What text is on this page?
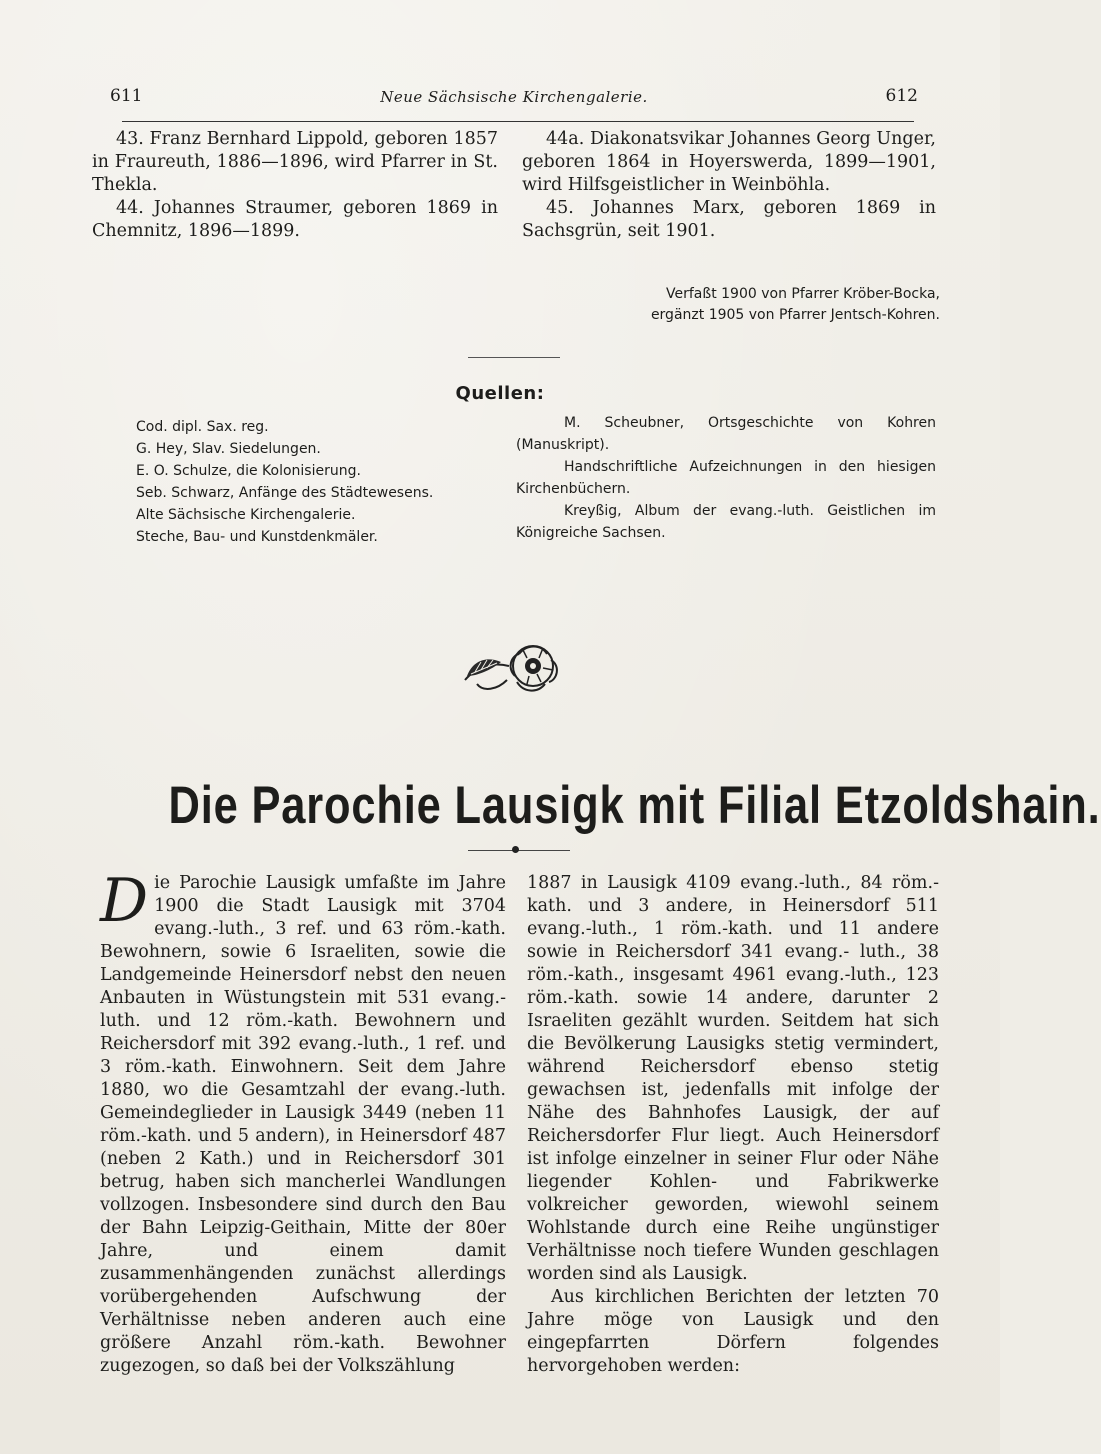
611	Neue Sächsische Kirchengalerie.	612

43. Franz Bernhard Lippold, geboren 1857 in Fraureuth, 1886—1896, wird Pfarrer in St. Thekla.

44. Johannes Straumer, geboren 1869 in Chemnitz, 1896—1899.

44a. Diakonatsvikar Johannes Georg Unger, geboren 1864 in Hoyerswerda, 1899—1901, wird Hilfsgeistlicher in Weinböhla.

45. Johannes Marx, geboren 1869 in Sachsgrün, seit 1901.

Verfaßt 1900 von Pfarrer Kröber-Bocka,
ergänzt 1905 von Pfarrer Jentsch-Kohren.
Quellen:
Cod. dipl. Sax. reg.
G. Hey, Slav. Siedelungen.
E. O. Schulze, die Kolonisierung.
Seb. Schwarz, Anfänge des Städtewesens.
Alte Sächsische Kirchengalerie.
Steche, Bau- und Kunstdenkmäler.

M. Scheubner, Ortsgeschichte von Kohren (Manuskript).

Handschriftliche Aufzeichnungen in den hiesigen Kirchenbüchern.

Kreyßig, Album der evang.-luth. Geistlichen im Königreiche Sachsen.

Die Parochie Lausigk mit Filial Etzoldshain.

Die Parochie Lausigk umfaßte im Jahre 1900 die Stadt Lausigk mit 3704 evang.-luth., 3 ref. und 63 röm.-kath. Bewohnern, sowie 6 Israeliten, sowie die Landgemeinde Heinersdorf nebst den neuen Anbauten in Wüstungstein mit 531 evang.-luth. und 12 röm.-kath. Bewohnern und Reichersdorf mit 392 evang.-luth., 1 ref. und 3 röm.-kath. Einwohnern. Seit dem Jahre 1880, wo die Gesamtzahl der evang.-luth. Gemeindeglieder in Lausigk 3449 (neben 11 röm.-kath. und 5 andern), in Heinersdorf 487 (neben 2 Kath.) und in Reichersdorf 301 betrug, haben sich mancherlei Wandlungen vollzogen. Insbesondere sind durch den Bau der Bahn Leipzig-Geithain, Mitte der 80er Jahre, und einem damit zusammenhängenden zunächst allerdings vorübergehenden Aufschwung der Verhältnisse neben anderen auch eine größere Anzahl röm.-kath. Bewohner zugezogen, so daß bei der Volkszählung

1887 in Lausigk 4109 evang.-luth., 84 röm.-kath. und 3 andere, in Heinersdorf 511 evang.-luth., 1 röm.-kath. und 11 andere sowie in Reichersdorf 341 evang.- luth., 38 röm.-kath., insgesamt 4961 evang.-luth., 123 röm.-kath. sowie 14 andere, darunter 2 Israeliten gezählt wurden. Seitdem hat sich die Bevölkerung Lausigks stetig vermindert, während Reichersdorf ebenso stetig gewachsen ist, jedenfalls mit infolge der Nähe des Bahnhofes Lausigk, der auf Reichersdorfer Flur liegt. Auch Heinersdorf ist infolge einzelner in seiner Flur oder Nähe liegender Kohlen- und Fabrikwerke volkreicher geworden, wiewohl seinem Wohlstande durch eine Reihe ungünstiger Verhältnisse noch tiefere Wunden geschlagen worden sind als Lausigk.

Aus kirchlichen Berichten der letzten 70 Jahre möge von Lausigk und den eingepfarrten Dörfern folgendes hervorgehoben werden:
